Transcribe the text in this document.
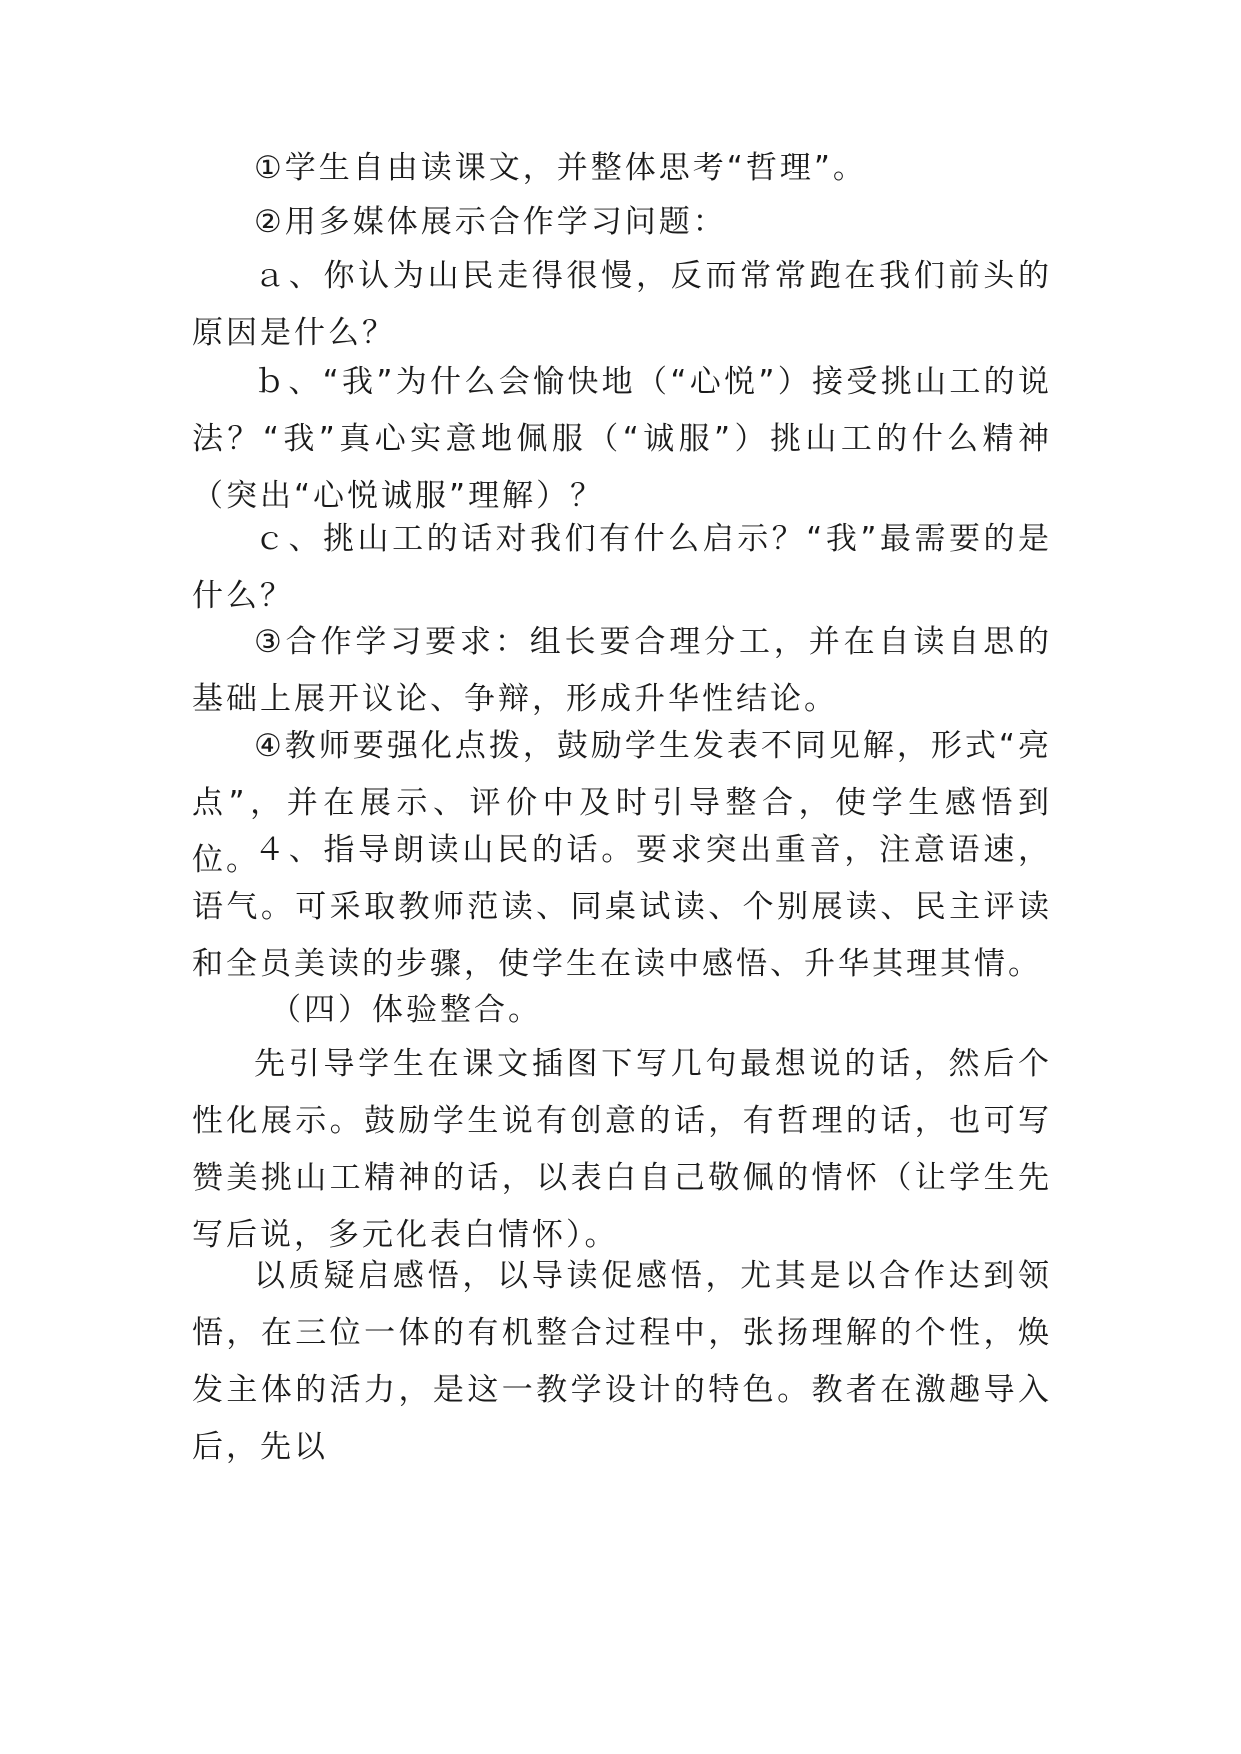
①学生自由读课文，并整体思考“哲理”。

②用多媒体展示合作学习问题：

ａ、你认为山民走得很慢，反而常常跑在我们前头的原因是什么？

ｂ、“我”为什么会愉快地（“心悦”）接受挑山工的说法？“我”真心实意地佩服（“诚服”）挑山工的什么精神（突出“心悦诚服”理解）？

ｃ、挑山工的话对我们有什么启示？“我”最需要的是什么？

③合作学习要求：组长要合理分工，并在自读自思的基础上展开议论、争辩，形成升华性结论。

④教师要强化点拨，鼓励学生发表不同见解，形式“亮点”，并在展示、评价中及时引导整合，使学生感悟到位。

４、指导朗读山民的话。要求突出重音，注意语速，语气。可采取教师范读、同桌试读、个别展读、民主评读和全员美读的步骤，使学生在读中感悟、升华其理其情。

（四）体验整合。

先引导学生在课文插图下写几句最想说的话，然后个性化展示。鼓励学生说有创意的话，有哲理的话，也可写赞美挑山工精神的话，以表白自己敬佩的情怀（让学生先写后说，多元化表白情怀）。

以质疑启感悟，以导读促感悟，尤其是以合作达到领悟，在三位一体的有机整合过程中，张扬理解的个性，焕发主体的活力，是这一教学设计的特色。教者在激趣导入后，先以
